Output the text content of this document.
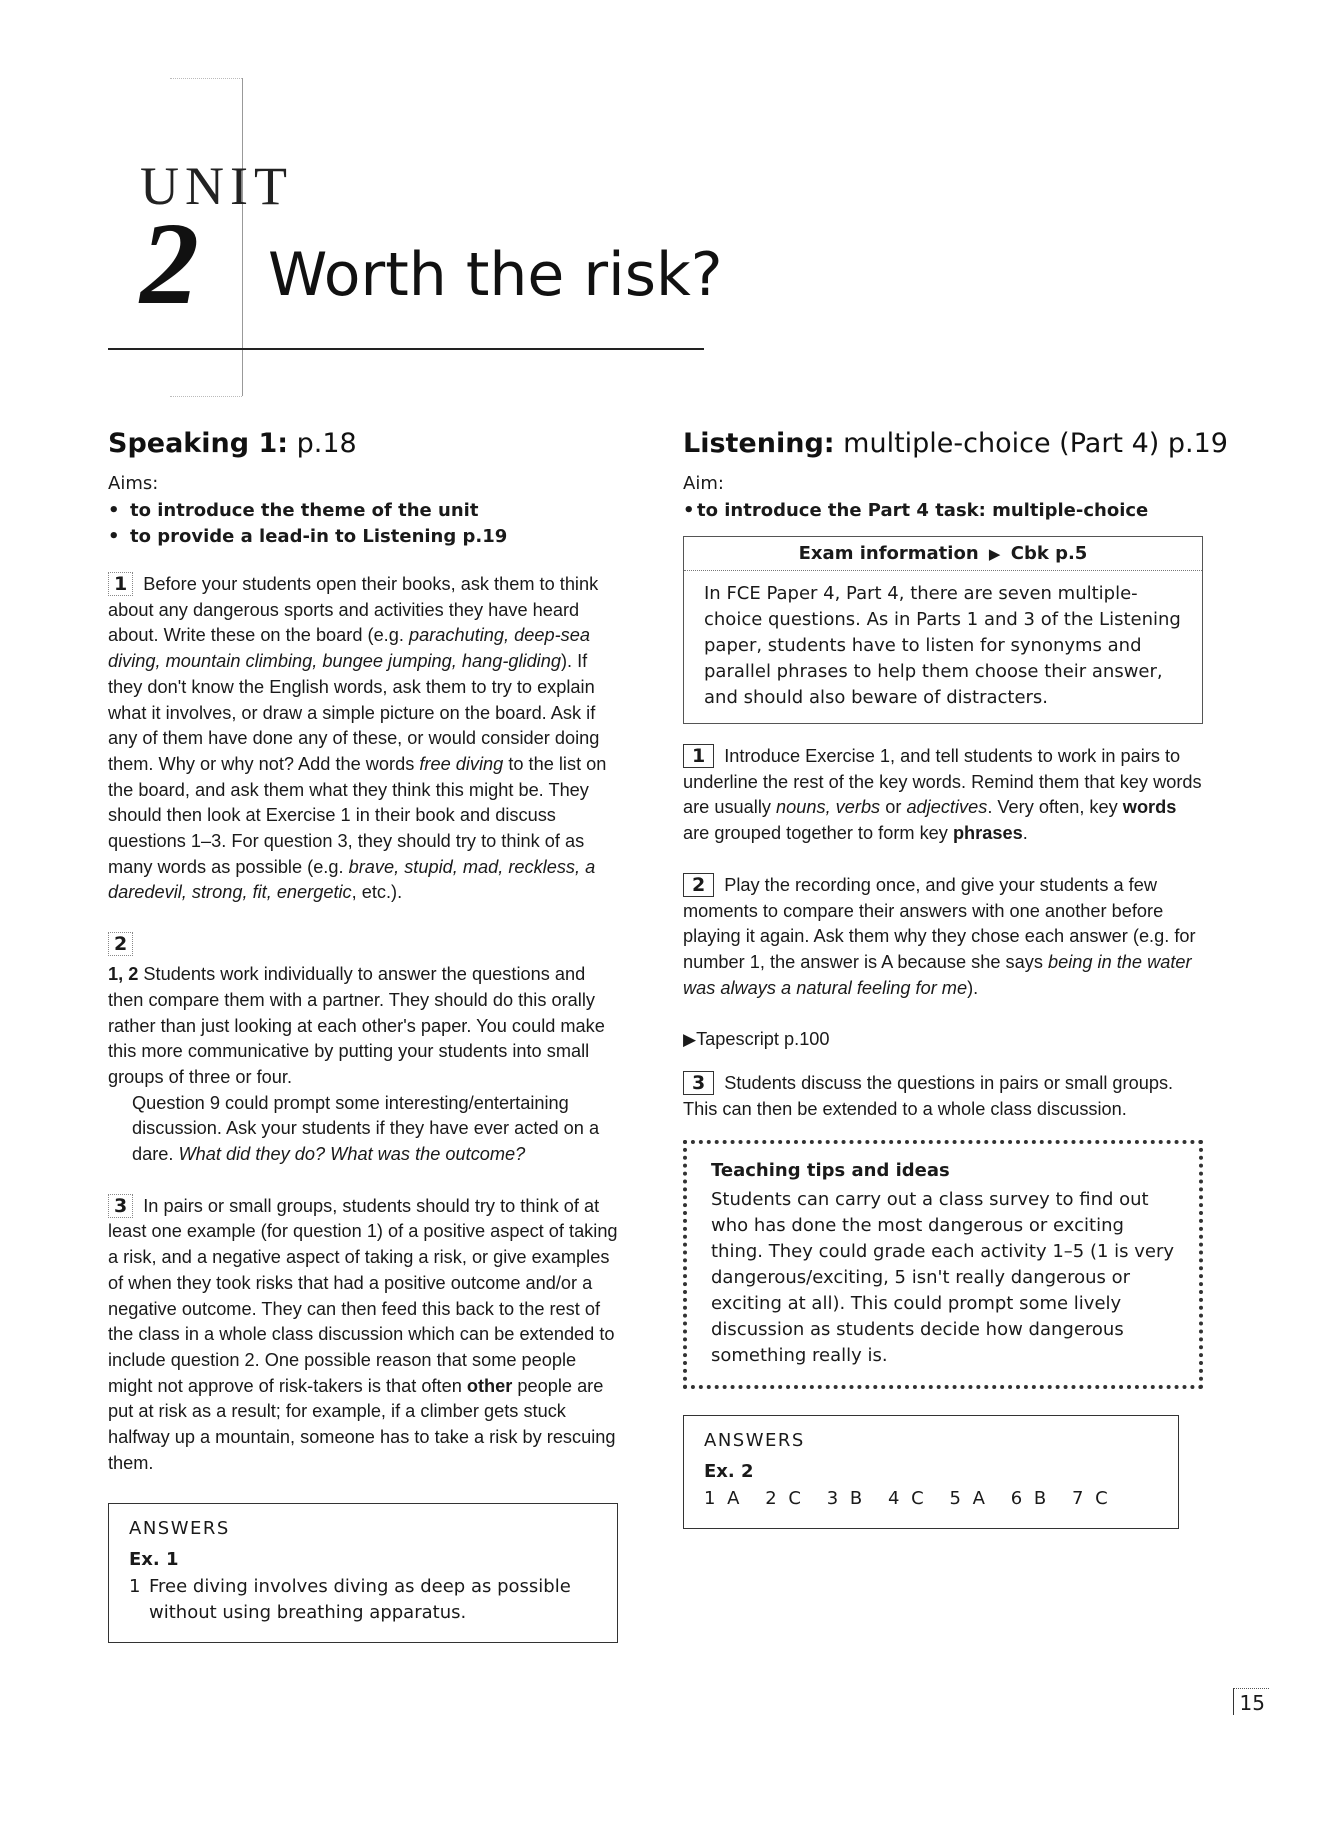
UNIT
2 Worth the risk?
Speaking 1: p.18
Aims:
• to introduce the theme of the unit
• to provide a lead-in to Listening p.19

1 Before your students open their books, ask them to think about any dangerous sports and activities they have heard about. Write these on the board (e.g. parachuting, deep-sea diving, mountain climbing, bungee jumping, hang-gliding). If they don't know the English words, ask them to try to explain what it involves, or draw a simple picture on the board. Ask if any of them have done any of these, or would consider doing them. Why or why not? Add the words free diving to the list on the board, and ask them what they think this might be. They should then look at Exercise 1 in their book and discuss questions 1–3. For question 3, they should try to think of as many words as possible (e.g. brave, stupid, mad, reckless, a daredevil, strong, fit, energetic, etc.).

2

1, 2 Students work individually to answer the questions and then compare them with a partner. They should do this orally rather than just looking at each other's paper. You could make this more communicative by putting your students into small groups of three or four.

Question 9 could prompt some interesting/entertaining discussion. Ask your students if they have ever acted on a dare. What did they do? What was the outcome?

3 In pairs or small groups, students should try to think of at least one example (for question 1) of a positive aspect of taking a risk, and a negative aspect of taking a risk, or give examples of when they took risks that had a positive outcome and/or a negative outcome. They can then feed this back to the rest of the class in a whole class discussion which can be extended to include question 2. One possible reason that some people might not approve of risk-takers is that often other people are put at risk as a result; for example, if a climber gets stuck halfway up a mountain, someone has to take a risk by rescuing them.

ANSWERS
Ex. 1
1 Free diving involves diving as deep as possible without using breathing apparatus.
Listening: multiple-choice (Part 4) p.19
Aim:
• to introduce the Part 4 task: multiple-choice
Exam information ▶ Cbk p.5
In FCE Paper 4, Part 4, there are seven multiple-choice questions. As in Parts 1 and 3 of the Listening paper, students have to listen for synonyms and parallel phrases to help them choose their answer, and should also beware of distracters.

1 Introduce Exercise 1, and tell students to work in pairs to underline the rest of the key words. Remind them that key words are usually nouns, verbs or adjectives. Very often, key words are grouped together to form key phrases.

2 Play the recording once, and give your students a few moments to compare their answers with one another before playing it again. Ask them why they chose each answer (e.g. for number 1, the answer is A because she says being in the water was always a natural feeling for me).

▶Tapescript p.100

3 Students discuss the questions in pairs or small groups. This can then be extended to a whole class discussion.

Teaching tips and ideas
Students can carry out a class survey to find out who has done the most dangerous or exciting thing. They could grade each activity 1–5 (1 is very dangerous/exciting, 5 isn't really dangerous or exciting at all). This could prompt some lively discussion as students decide how dangerous something really is.
ANSWERS
Ex. 2
1 A 2 C 3 B 4 C 5 A 6 B 7 C
15
